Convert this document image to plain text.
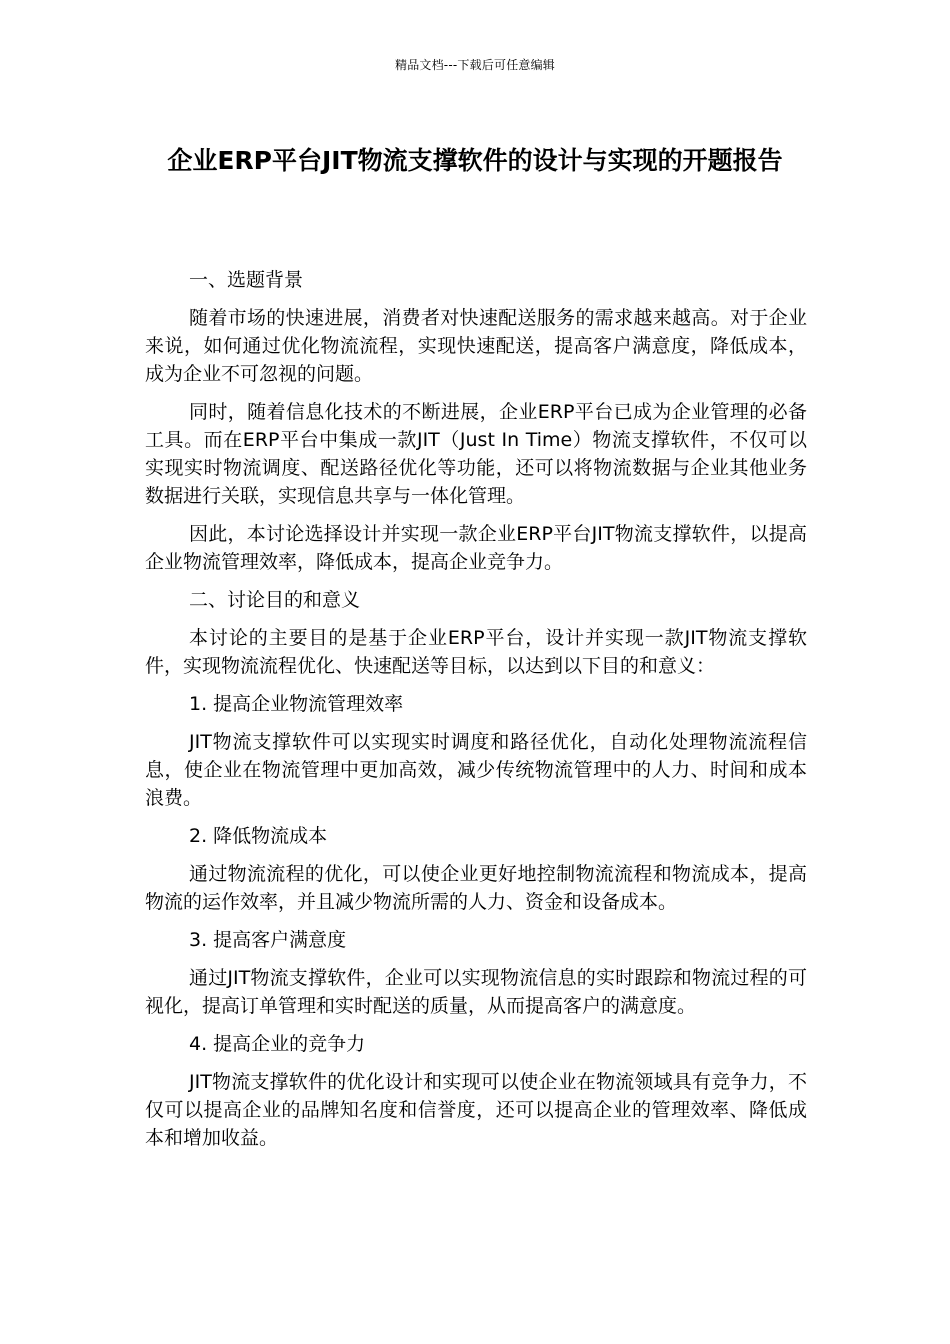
精品文档---下载后可任意编辑
企业ERP平台JIT物流支撑软件的设计与实现的开题报告

一、选题背景

随着市场的快速进展，消费者对快速配送服务的需求越来越高。对于企业来说，如何通过优化物流流程，实现快速配送，提高客户满意度，降低成本，成为企业不可忽视的问题。

同时，随着信息化技术的不断进展，企业ERP平台已成为企业管理的必备工具。而在ERP平台中集成一款JIT（Just In Time）物流支撑软件，不仅可以实现实时物流调度、配送路径优化等功能，还可以将物流数据与企业其他业务数据进行关联，实现信息共享与一体化管理。

因此，本讨论选择设计并实现一款企业ERP平台JIT物流支撑软件，以提高企业物流管理效率，降低成本，提高企业竞争力。

二、讨论目的和意义

本讨论的主要目的是基于企业ERP平台，设计并实现一款JIT物流支撑软件，实现物流流程优化、快速配送等目标，以达到以下目的和意义：

1. 提高企业物流管理效率

JIT物流支撑软件可以实现实时调度和路径优化，自动化处理物流流程信息，使企业在物流管理中更加高效，减少传统物流管理中的人力、时间和成本浪费。

2. 降低物流成本

通过物流流程的优化，可以使企业更好地控制物流流程和物流成本，提高物流的运作效率，并且减少物流所需的人力、资金和设备成本。

3. 提高客户满意度

通过JIT物流支撑软件，企业可以实现物流信息的实时跟踪和物流过程的可视化，提高订单管理和实时配送的质量，从而提高客户的满意度。

4. 提高企业的竞争力

JIT物流支撑软件的优化设计和实现可以使企业在物流领域具有竞争力，不仅可以提高企业的品牌知名度和信誉度，还可以提高企业的管理效率、降低成本和增加收益。
